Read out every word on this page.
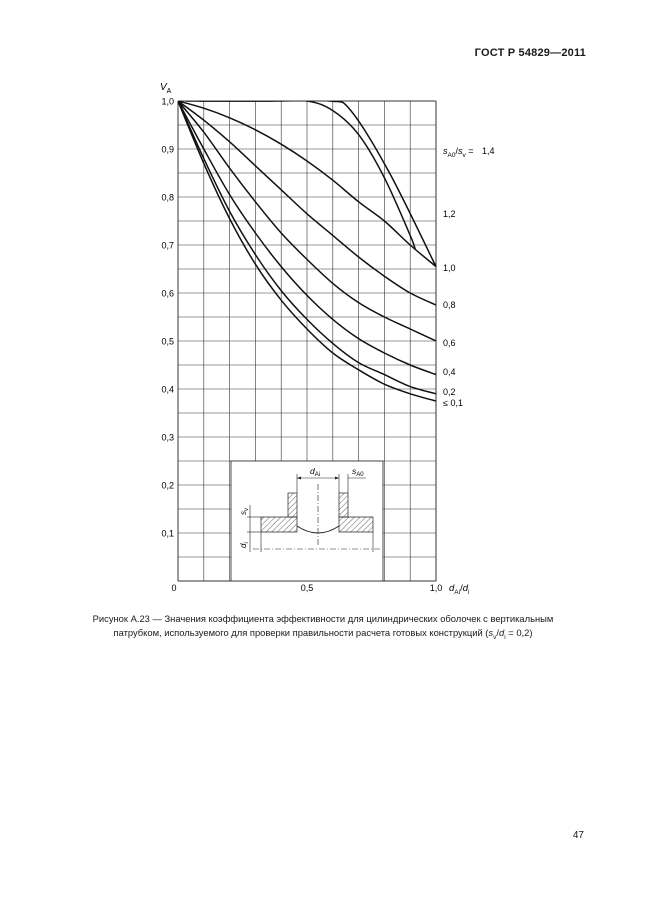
ГОСТ Р 54829—2011
0,1
0,2
0,3
0,4
0,5
0,6
0,7
0,8
0,9
1,0
0	0,5	1,0
$V_A$
$d_{Ai}/d_i$
$s_{A0}/s_v = 1,4$
1,2
1,0
0,8
0,6
0,4
0,2
≤ 0,1
$d_{Ai}$	$s_{A0}$
$s_v$
$d_i$
Рисунок А.23 — Значения коэффициента эффективности для цилиндрических оболочек с вертикальным
патрубком, используемого для проверки правильности расчета готовых конструкций $(s_v/d_i = 0,2)$
47
